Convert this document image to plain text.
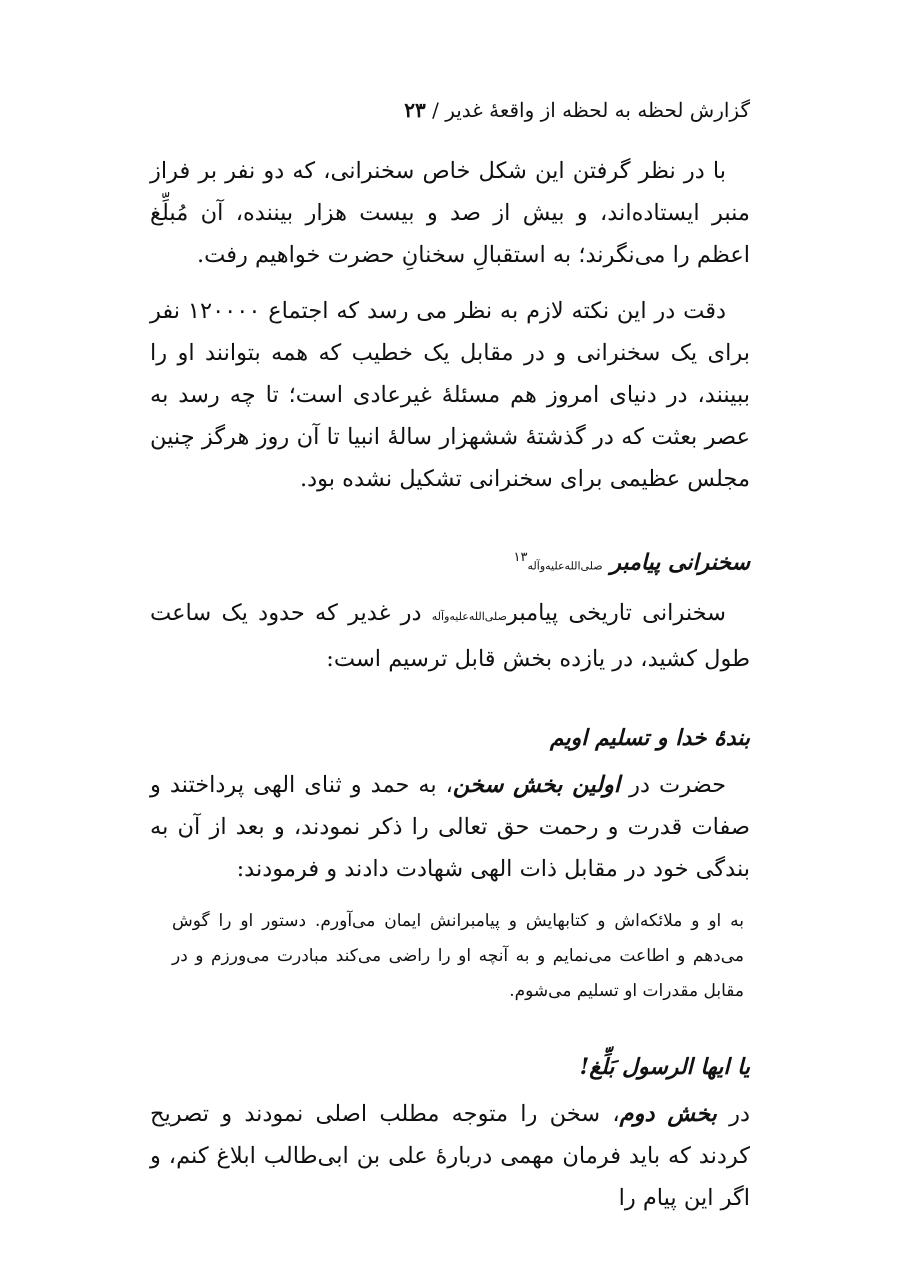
گزارش لحظه به لحظه از واقعهٔ غدیر / ۲۳

با در نظر گرفتن این شکل خاص سخنرانی، که دو نفر بر فراز منبر ایستاده‌اند، و بیش از صد و بیست هزار بیننده، آن مُبلِّغ اعظم را می‌نگرند؛ به استقبالِ سخنانِ حضرت خواهیم رفت.

دقت در این نکته لازم به نظر می رسد که اجتماع ۱۲۰۰۰۰ نفر برای یک سخنرانی و در مقابل یک خطیب که همه بتوانند او را ببینند، در دنیای امروز هم مسئلهٔ غیرعادی است؛ تا چه رسد به عصر بعثت که در گذشتهٔ ششهزار سالهٔ انبیا تا آن روز هرگز چنین مجلس عظیمی برای سخنرانی تشکیل نشده بود.

سخنرانی پیامبر صلی‌الله‌علیه‌وآله$^{۱۳}$

سخنرانی تاریخی پیامبرصلی‌الله‌علیه‌وآله در غدیر که حدود یک ساعت طول کشید، در یازده بخش قابل ترسیم است:

بندهٔ خدا و تسلیم اویم

حضرت در اولین بخش سخن، به حمد و ثنای الهی پرداختند و صفات قدرت و رحمت حق تعالی را ذکر نمودند، و بعد از آن به بندگی خود در مقابل ذات الهی شهادت دادند و فرمودند:

به او و ملائکه‌اش و کتابهایش و پیامبرانش ایمان می‌آورم. دستور او را گوش می‌دهم و اطاعت می‌نمایم و به آنچه او را راضی می‌کند مبادرت می‌ورزم و در مقابل مقدرات او تسلیم می‌شوم.

یا ایها الرسول بَلِّغ!

در بخش دوم، سخن را متوجه مطلب اصلی نمودند و تصریح کردند که باید فرمان مهمی دربارهٔ علی بن ابی‌طالب ابلاغ کنم، و اگر این پیام را
